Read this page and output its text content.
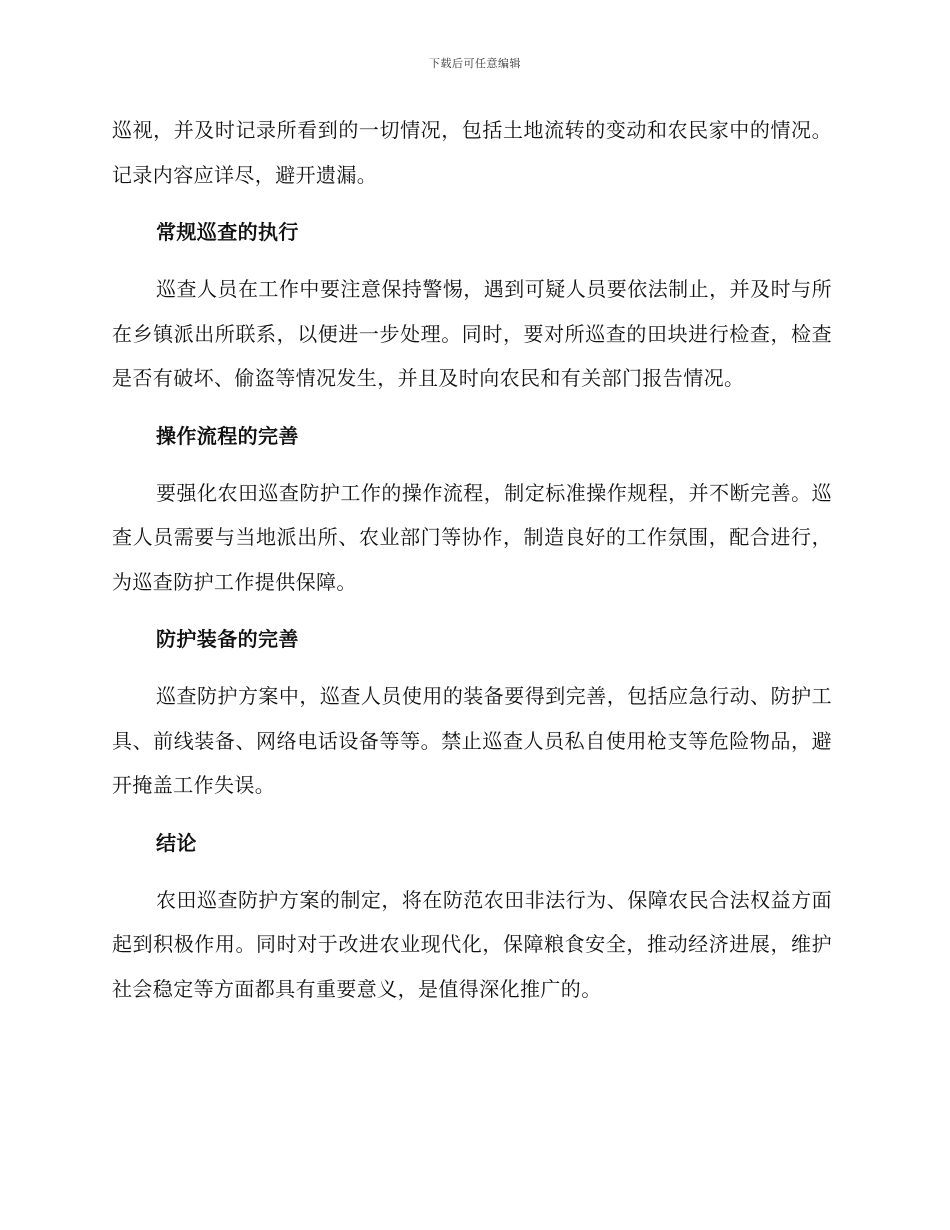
下载后可任意编辑

巡视，并及时记录所看到的一切情况，包括土地流转的变动和农民家中的情况。记录内容应详尽，避开遗漏。

常规巡查的执行

巡查人员在工作中要注意保持警惕，遇到可疑人员要依法制止，并及时与所在乡镇派出所联系，以便进一步处理。同时，要对所巡查的田块进行检查，检查是否有破坏、偷盗等情况发生，并且及时向农民和有关部门报告情况。

操作流程的完善

要强化农田巡查防护工作的操作流程，制定标准操作规程，并不断完善。巡查人员需要与当地派出所、农业部门等协作，制造良好的工作氛围，配合进行，为巡查防护工作提供保障。

防护装备的完善

巡查防护方案中，巡查人员使用的装备要得到完善，包括应急行动、防护工具、前线装备、网络电话设备等等。禁止巡查人员私自使用枪支等危险物品，避开掩盖工作失误。

结论

农田巡查防护方案的制定，将在防范农田非法行为、保障农民合法权益方面起到积极作用。同时对于改进农业现代化，保障粮食安全，推动经济进展，维护社会稳定等方面都具有重要意义，是值得深化推广的。
